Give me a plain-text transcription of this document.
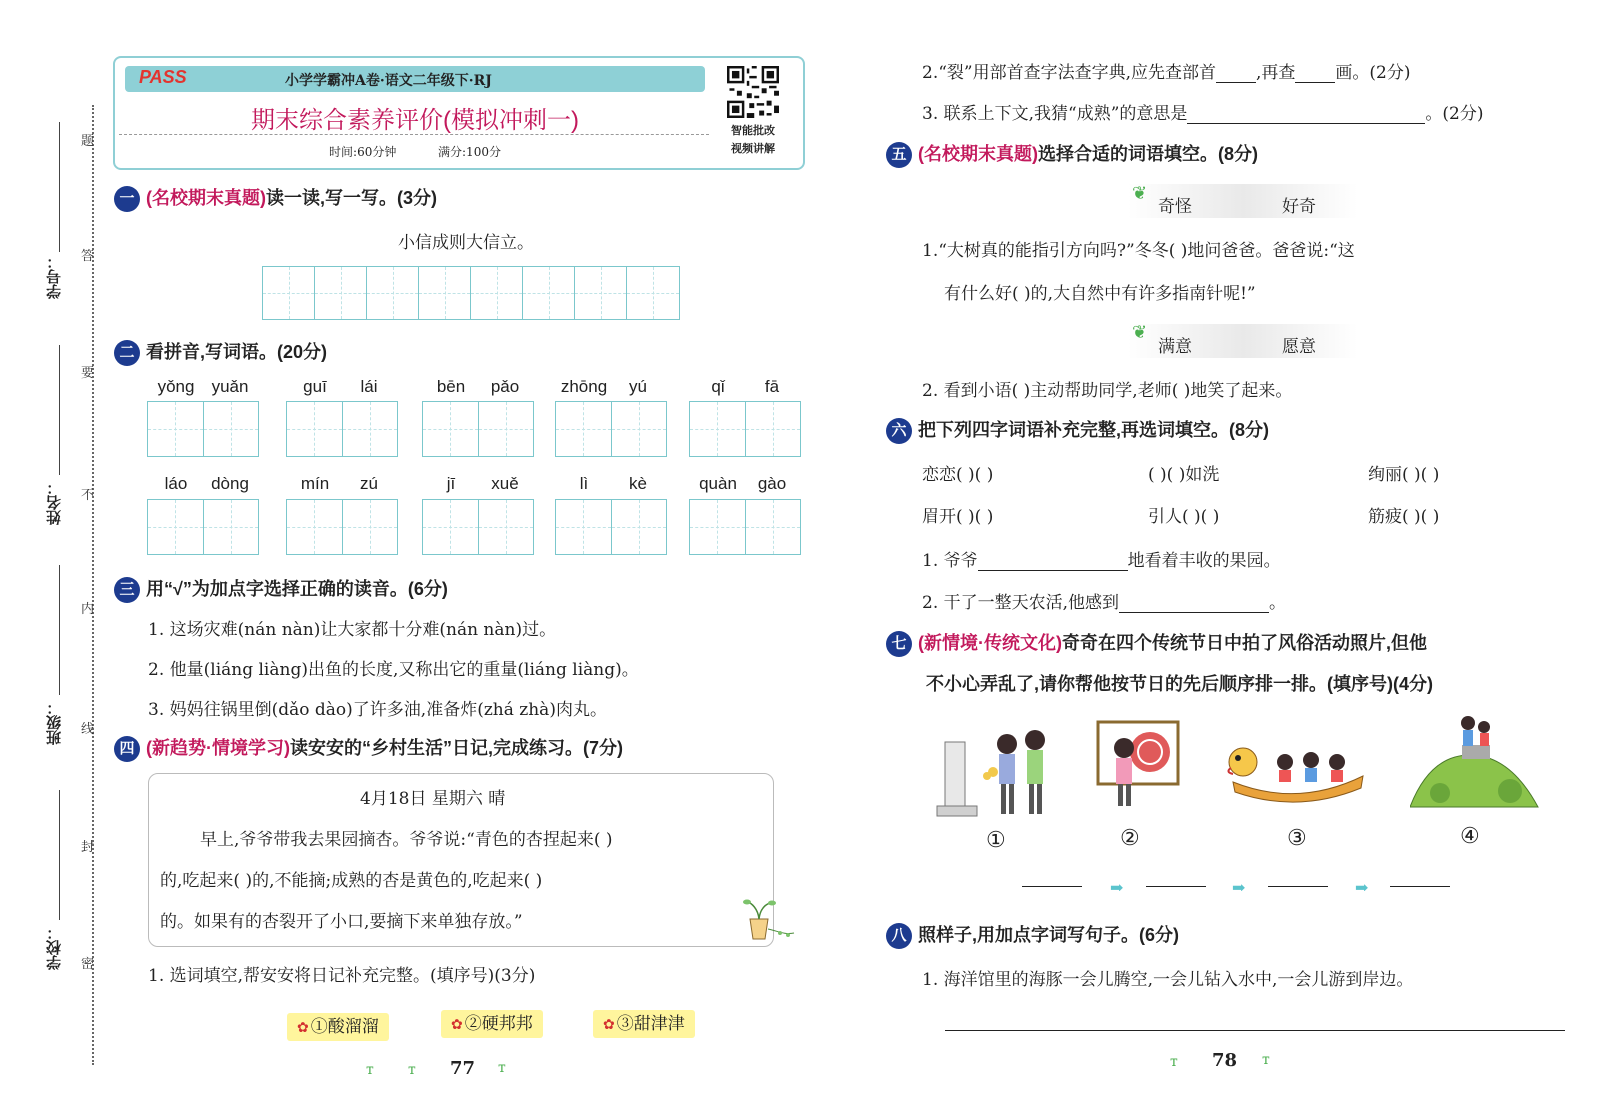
题
答
要
不
内
线
封
密
学号：
姓名：
班级：
学校：
PASS	小学学霸冲A卷·语文二年级下·RJ
期末综合素养评价(模拟冲刺一)
时间:60分钟	满分:100分
智能批改
视频讲解
一 (名校期末真题)读一读,写一写。(3分)
小信成则大信立。
二 看拼音,写词语。(20分)
yǒng yuǎn	guī lái	bēn pǎo	zhōng yú	qǐ fā
láo dòng	mín zú	jī xuě	lì kè	quàn gào
三 用“√”为加点字选择正确的读音。(6分)
1. 这场灾难(nán nàn)让大家都十分难(nán nàn)过。
2. 他量(liáng liàng)出鱼的长度,又称出它的重量(liáng liàng)。
3. 妈妈往锅里倒(dǎo dào)了许多油,准备炸(zhá zhà)肉丸。
四 (新趋势·情境学习)读安安的“乡村生活”日记,完成练习。(7分)
4月18日 星期六 晴
早上,爷爷带我去果园摘杏。爷爷说:“青色的杏捏起来( )
的,吃起来( )的,不能摘;成熟的杏是黄色的,吃起来( )
的。如果有的杏裂开了小口,要摘下来单独存放。”
1. 选词填空,帮安安将日记补充完整。(填序号)(3分)
✿ ①酸溜溜	✿ ②硬邦邦	✿ ③甜津津
ᴛ ᴛ 77 ᴛ
2.“裂”用部首查字法查字典,应先查部首 ,再查 画。(2分)
3. 联系上下文,我猜“成熟”的意思是	。(2分)
五 (名校期末真题)选择合适的词语填空。(8分)
❦
奇怪	好奇
1.“大树真的能指引方向吗?”冬冬( )地问爸爸。爸爸说:“这
有什么好( )的,大自然中有许多指南针呢!”
❦
满意	愿意
2. 看到小语( )主动帮助同学,老师( )地笑了起来。
六 把下列四字词语补充完整,再选词填空。(8分)
恋恋( )( )	( )( )如洗	绚丽( )( )
眉开( )( )	引人( )( )	筋疲( )( )
1. 爷爷	地看着丰收的果园。
2. 干了一整天农活,他感到	。
七 (新情境·传统文化)奇奇在四个传统节日中拍了风俗活动照片,但他
不小心弄乱了,请你帮他按节日的先后顺序排一排。(填序号)(4分)
①	②	③	④
➡	➡	➡
八 照样子,用加点字词写句子。(6分)
1. 海洋馆里的海豚一会儿腾空,一会儿钻入水中,一会儿游到岸边。
ᴛ 78 ᴛ
